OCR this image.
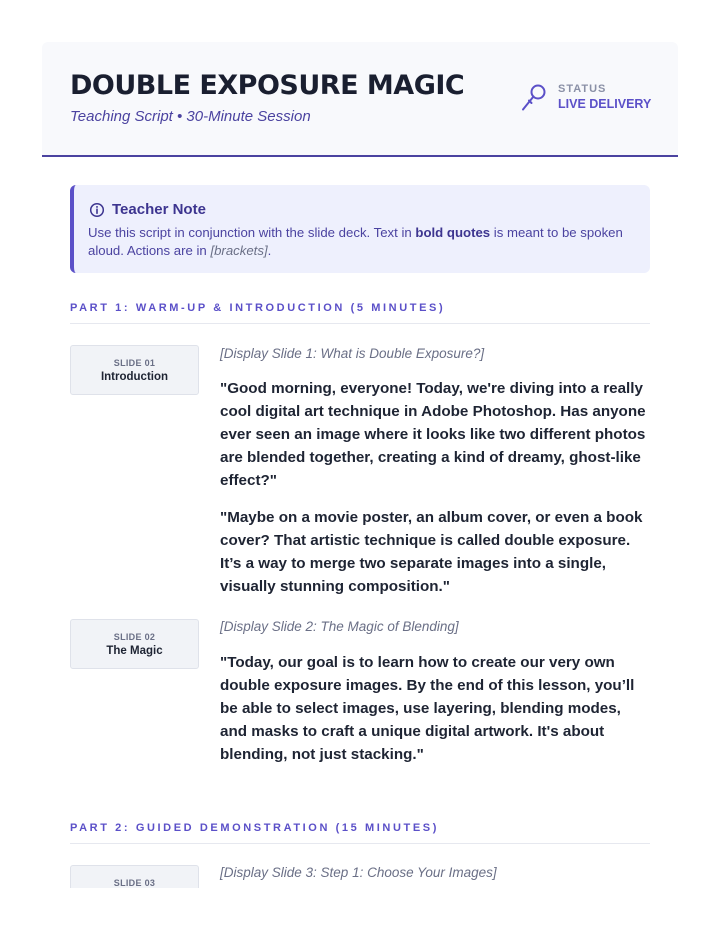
DOUBLE EXPOSURE MAGIC
Teaching Script • 30-Minute Session
STATUS
LIVE DELIVERY
Teacher Note

Use this script in conjunction with the slide deck. Text in bold quotes is meant to be spoken aloud. Actions are in [brackets].

PART 1: WARM-UP & INTRODUCTION (5 MINUTES)
SLIDE 01
Introduction
[Display Slide 1: What is Double Exposure?]

"Good morning, everyone! Today, we're diving into a really cool digital art technique in Adobe Photoshop. Has anyone ever seen an image where it looks like two different photos are blended together, creating a kind of dreamy, ghost-like effect?"

"Maybe on a movie poster, an album cover, or even a book cover? That artistic technique is called double exposure. It’s a way to merge two separate images into a single, visually stunning composition."

SLIDE 02
The Magic
[Display Slide 2: The Magic of Blending]

"Today, our goal is to learn how to create our very own double exposure images. By the end of this lesson, you’ll be able to select images, use layering, blending modes, and masks to craft a unique digital artwork. It's about blending, not just stacking."

PART 2: GUIDED DEMONSTRATION (15 MINUTES)
SLIDE 03
[Display Slide 3: Step 1: Choose Your Images]
